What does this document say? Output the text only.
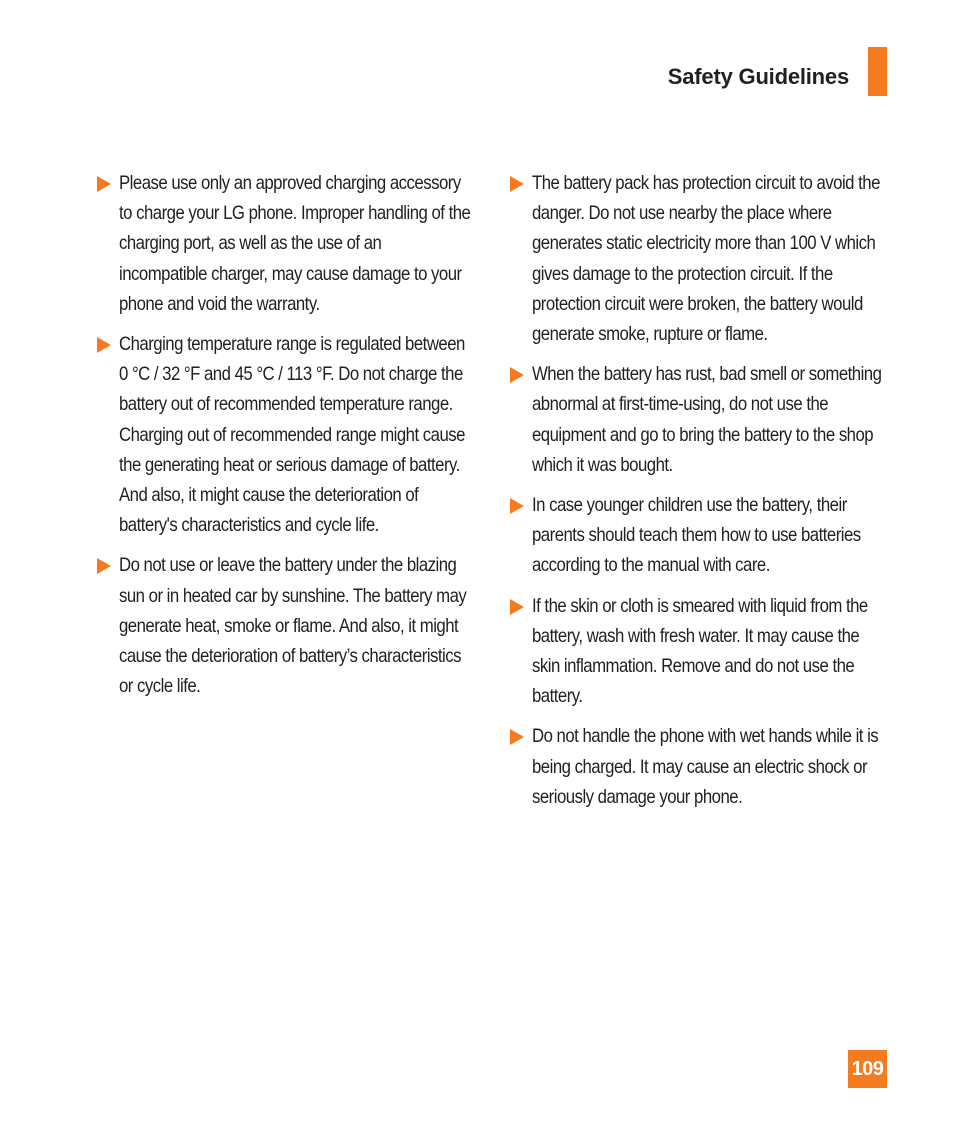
Safety Guidelines
Please use only an approved charging accessory to charge your LG phone. Improper handling of the charging port, as well as the use of an incompatible charger, may cause damage to your phone and void the warranty.
Charging temperature range is regulated between 0 °C / 32 °F and 45 °C / 113 °F. Do not charge the battery out of recommended temperature range. Charging out of recommended range might cause the generating heat or serious damage of battery. And also, it might cause the deterioration of battery's characteristics and cycle life.
Do not use or leave the battery under the blazing sun or in heated car by sunshine. The battery may generate heat, smoke or flame. And also, it might cause the deterioration of battery’s characteristics or cycle life.
The battery pack has protection circuit to avoid the danger. Do not use nearby the place where generates static electricity more than 100 V which gives damage to the protection circuit. If the protection circuit were broken, the battery would generate smoke, rupture or flame.
When the battery has rust, bad smell or something abnormal at first-time-using, do not use the equipment and go to bring the battery to the shop which it was bought.
In case younger children use the battery, their parents should teach them how to use batteries according to the manual with care.
If the skin or cloth is smeared with liquid from the battery, wash with fresh water. It may cause the skin inflammation. Remove and do not use the battery.
Do not handle the phone with wet hands while it is being charged. It may cause an electric shock or seriously damage your phone.
109
